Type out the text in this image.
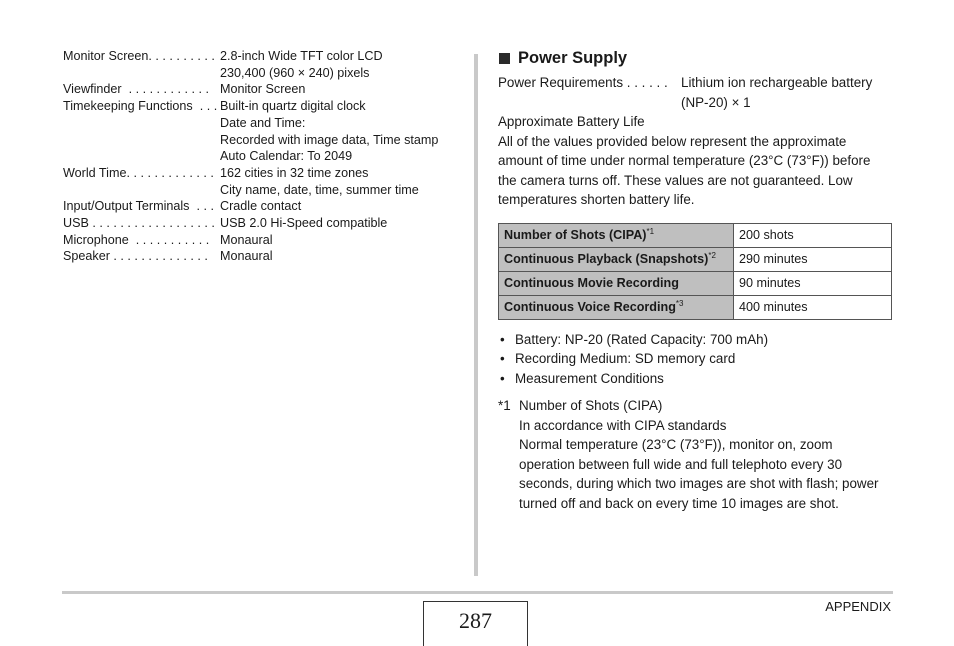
Monitor Screen. . . . . . . . . . 2.8-inch Wide TFT color LCD
230,400 (960 × 240) pixels
Viewfinder  . . . . . . . . . . . . Monitor Screen
Timekeeping Functions  . . . Built-in quartz digital clock
Date and Time:
Recorded with image data, Time stamp
Auto Calendar: To 2049
World Time. . . . . . . . . . . . . 162 cities in 32 time zones
City name, date, time, summer time
Input/Output Terminals  . . . Cradle contact
USB . . . . . . . . . . . . . . . . . . USB 2.0 Hi-Speed compatible
Microphone  . . . . . . . . . . . Monaural
Speaker . . . . . . . . . . . . . . Monaural
Power Supply
Power Requirements . . . . . . Lithium ion rechargeable battery
(NP-20) × 1
Approximate Battery Life
All of the values provided below represent the approximate amount of time under normal temperature (23°C (73°F)) before the camera turns off. These values are not guaranteed. Low temperatures shorten battery life.
Number of Shots (CIPA)$^{*1}$	200 shots
Continuous Playback (Snapshots)$^{*2}$	290 minutes
Continuous Movie Recording	90 minutes
Continuous Voice Recording$^{*3}$	400 minutes
• Battery: NP-20 (Rated Capacity: 700 mAh)
• Recording Medium: SD memory card
• Measurement Conditions
*1 Number of Shots (CIPA)
In accordance with CIPA standards
Normal temperature (23°C (73°F)), monitor on, zoom operation between full wide and full telephoto every 30 seconds, during which two images are shot with flash; power turned off and back on every time 10 images are shot.
287
APPENDIX
